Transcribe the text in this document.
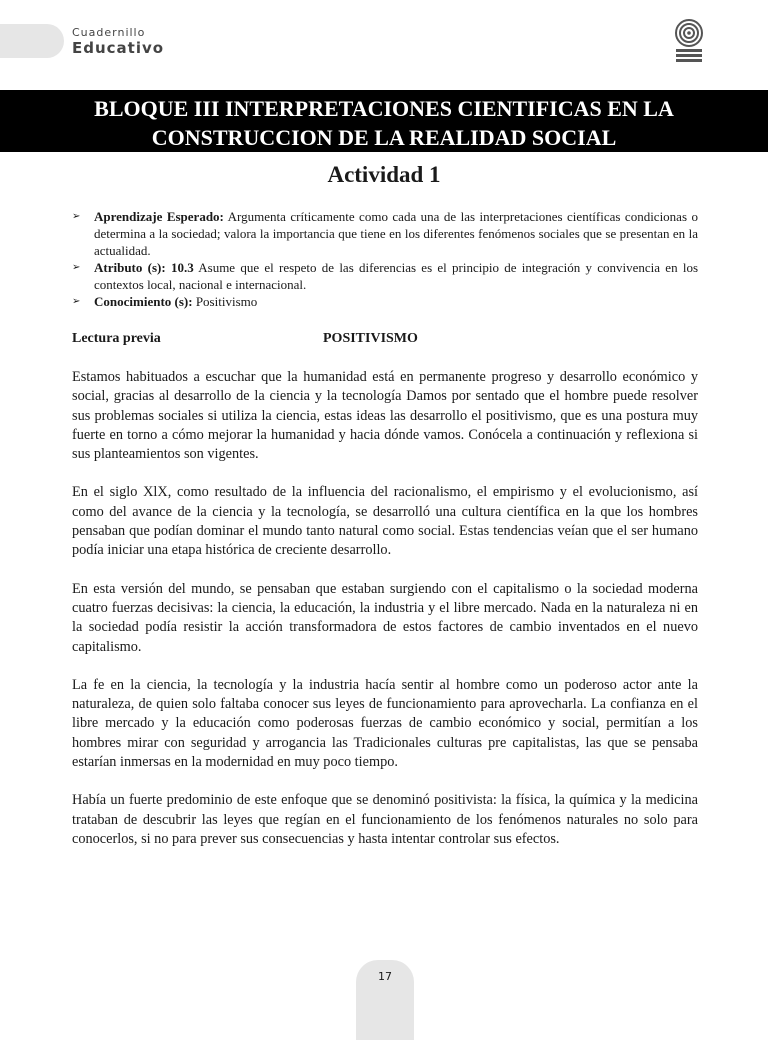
Cuadernillo
Educativo
BLOQUE III INTERPRETACIONES CIENTIFICAS EN LA
CONSTRUCCION DE LA REALIDAD SOCIAL
Actividad 1
➢ Aprendizaje Esperado: Argumenta críticamente como cada una de las interpretaciones científicas condicionas o determina a la sociedad; valora la importancia que tiene en los diferentes fenómenos sociales que se presentan en la actualidad.
➢ Atributo (s): 10.3 Asume que el respeto de las diferencias es el principio de integración y convivencia en los contextos local, nacional e internacional.
➢ Conocimiento (s): Positivismo
Lectura previa	POSITIVISMO

Estamos habituados a escuchar que la humanidad está en permanente progreso y desarrollo económico y social, gracias al desarrollo de la ciencia y la tecnología Damos por sentado que el hombre puede resolver sus problemas sociales si utiliza la ciencia, estas ideas las desarrollo el positivismo, que es una postura muy fuerte en torno a cómo mejorar la humanidad y hacia dónde vamos. Conócela a continuación y reflexiona si sus planteamientos son vigentes.

En el siglo XlX, como resultado de la influencia del racionalismo, el empirismo y el evolucionismo, así como del avance de la ciencia y la tecnología, se desarrolló una cultura científica en la que los hombres pensaban que podían dominar el mundo tanto natural como social. Estas tendencias veían que el ser humano podía iniciar una etapa histórica de creciente desarrollo.

En esta versión del mundo, se pensaban que estaban surgiendo con el capitalismo o la sociedad moderna cuatro fuerzas decisivas: la ciencia, la educación, la industria y el libre mercado. Nada en la naturaleza ni en la sociedad podía resistir la acción transformadora de estos factores de cambio inventados en el nuevo capitalismo.

La fe en la ciencia, la tecnología y la industria hacía sentir al hombre como un poderoso actor ante la naturaleza, de quien solo faltaba conocer sus leyes de funcionamiento para aprovecharla. La confianza en el libre mercado y la educación como poderosas fuerzas de cambio económico y social, permitían a los hombres mirar con seguridad y arrogancia las Tradicionales culturas pre capitalistas, las que se pensaba estarían inmersas en la modernidad en muy poco tiempo.

Había un fuerte predominio de este enfoque que se denominó positivista: la física, la química y la medicina trataban de descubrir las leyes que regían en el funcionamiento de los fenómenos naturales no solo para conocerlos, si no para prever sus consecuencias y hasta intentar controlar sus efectos.

17
